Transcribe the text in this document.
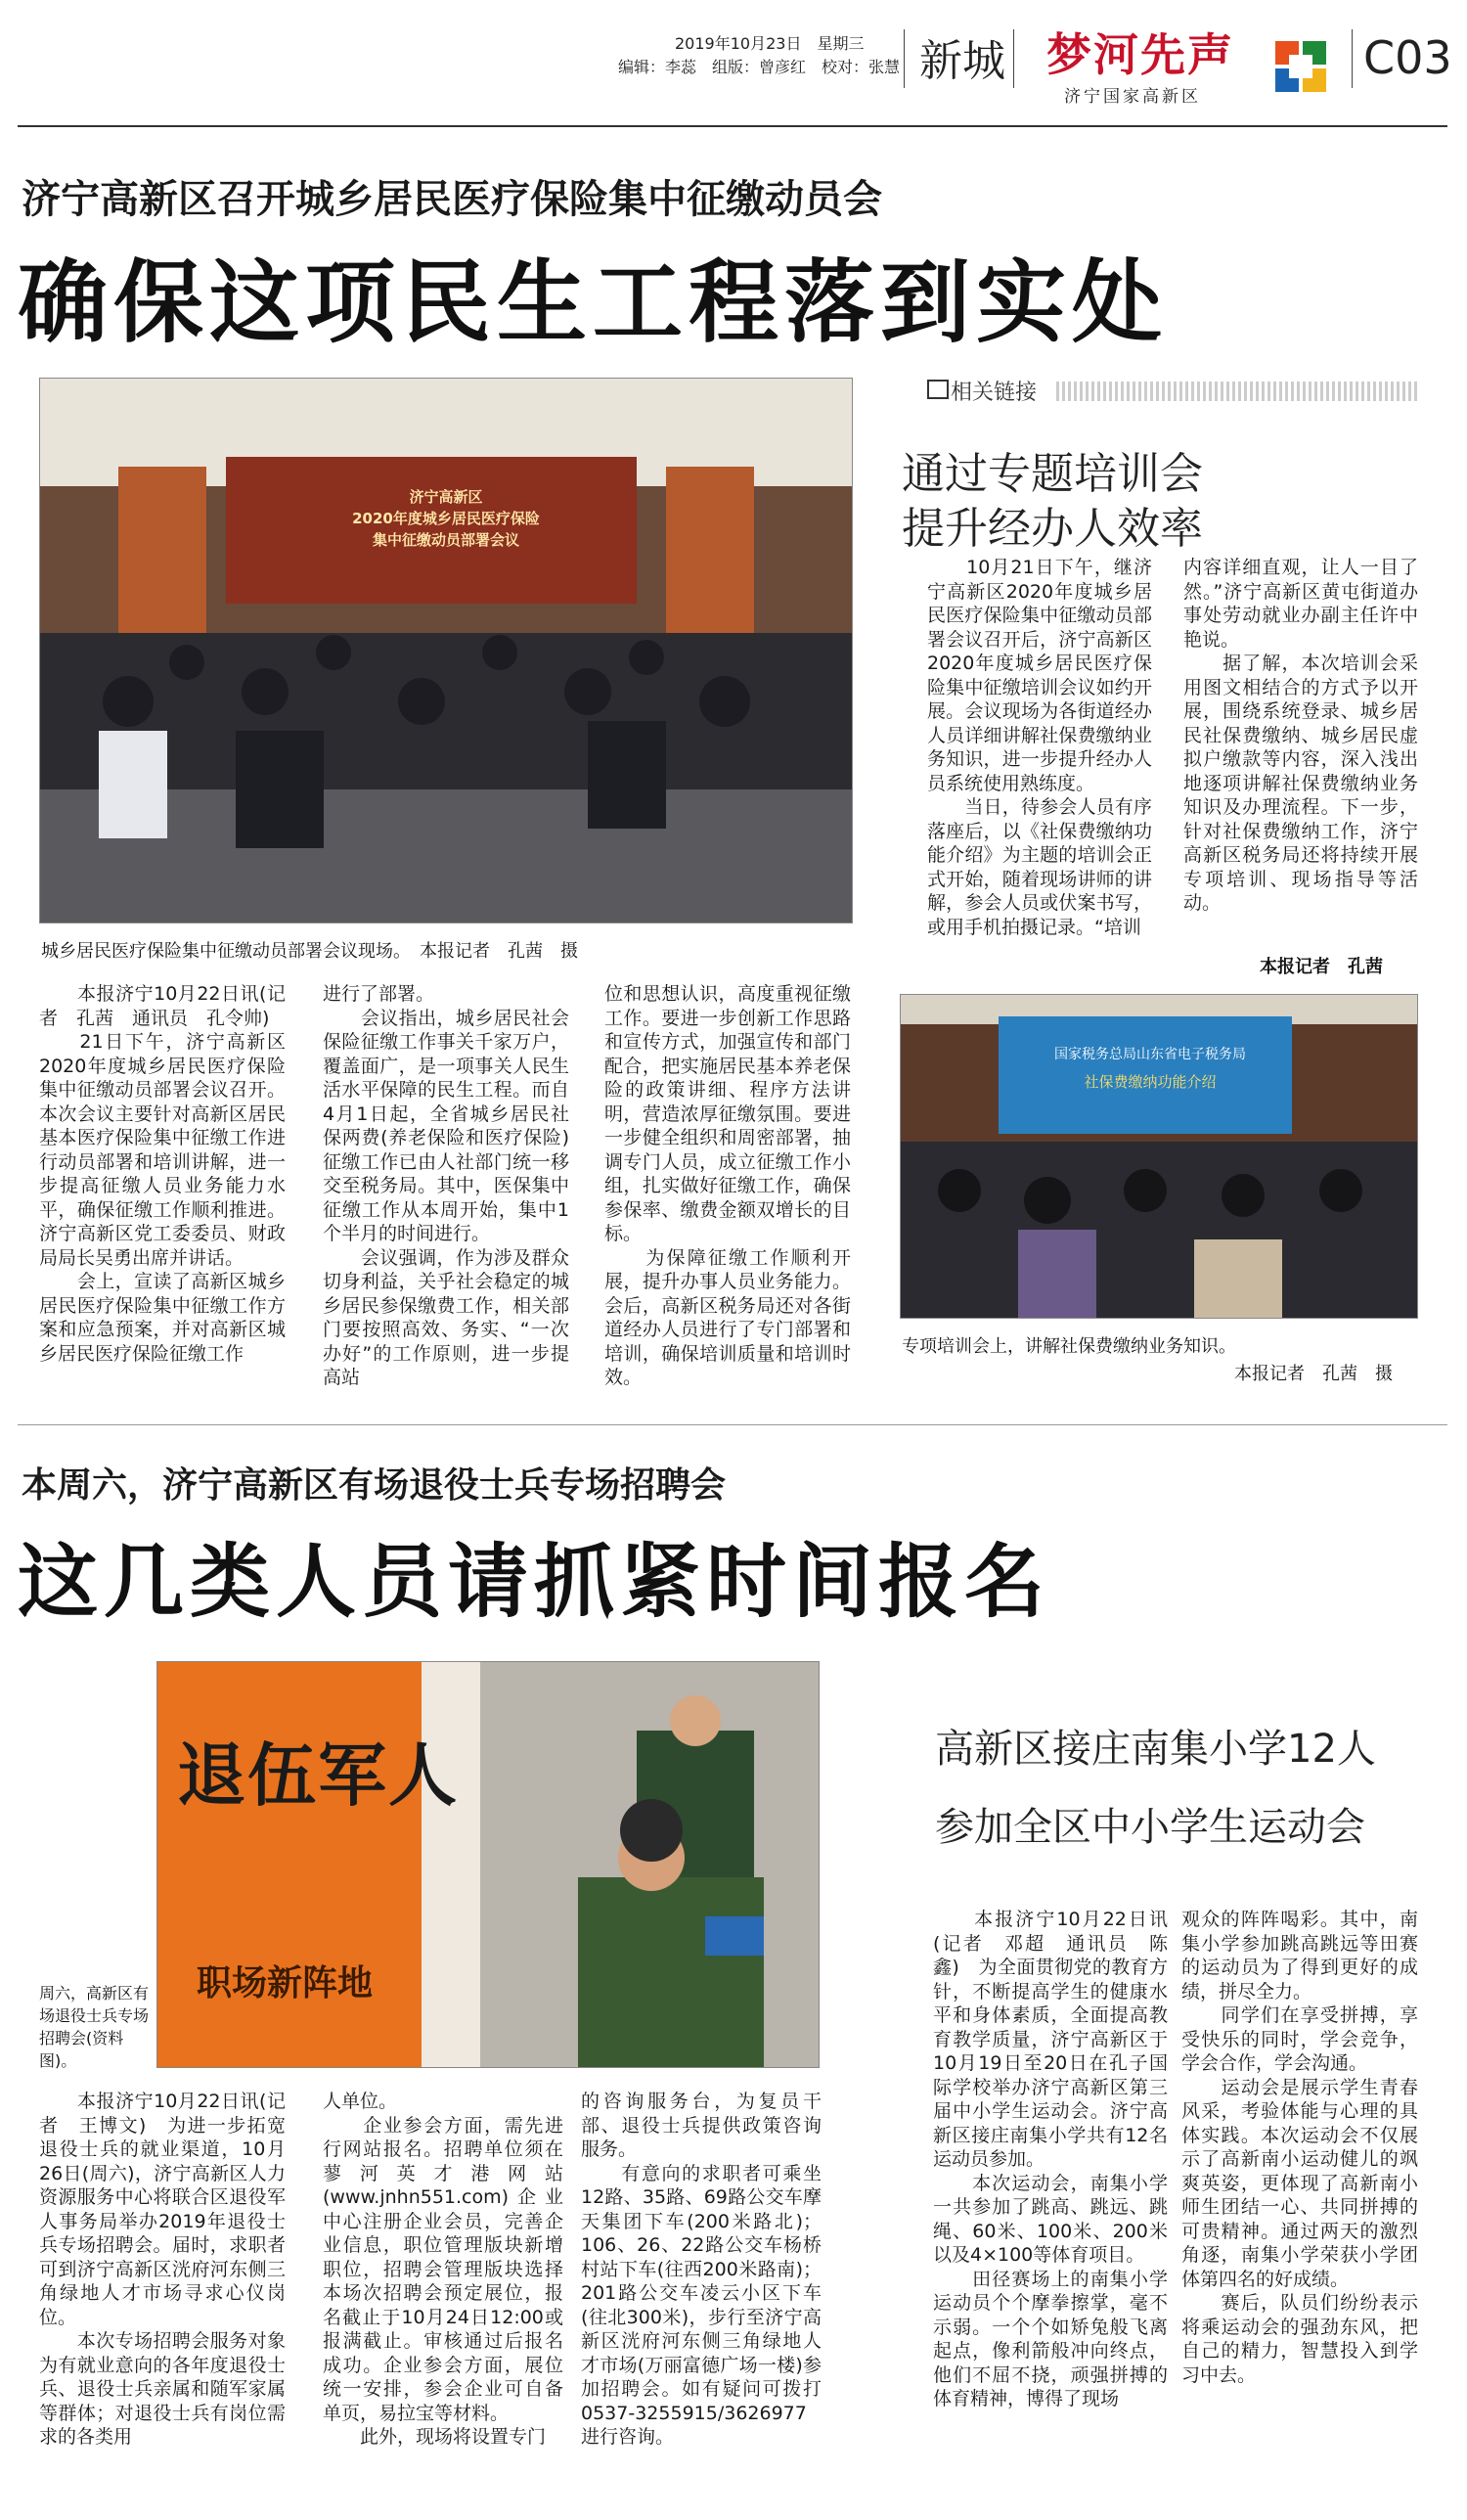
2019年10月23日　星期三
编辑：李蕊　组版：曾彦红　校对：张慧 新城 梦河先声
济宁国家高新区
C03
济宁高新区召开城乡居民医疗保险集中征缴动员会
确保这项民生工程落到实处
济宁高新区
2020年度城乡居民医疗保险
集中征缴动员部署会议
城乡居民医疗保险集中征缴动员部署会议现场。　本报记者　孔茜　摄
　　本报济宁10月22日讯(记者　孔茜　通讯员　孔令帅)
　　21日下午，济宁高新区2020年度城乡居民医疗保险集中征缴动员部署会议召开。本次会议主要针对高新区居民基本医疗保险集中征缴工作进行动员部署和培训讲解，进一步提高征缴人员业务能力水平，确保征缴工作顺利推进。济宁高新区党工委委员、财政局局长吴勇出席并讲话。
　　会上，宣读了高新区城乡居民医疗保险集中征缴工作方案和应急预案，并对高新区城乡居民医疗保险征缴工作
进行了部署。
　　会议指出，城乡居民社会保险征缴工作事关千家万户，覆盖面广，是一项事关人民生活水平保障的民生工程。而自4月1日起，全省城乡居民社保两费(养老保险和医疗保险)征缴工作已由人社部门统一移交至税务局。其中，医保集中征缴工作从本周开始，集中1个半月的时间进行。
　　会议强调，作为涉及群众切身利益，关乎社会稳定的城乡居民参保缴费工作，相关部门要按照高效、务实、“一次办好”的工作原则，进一步提高站
位和思想认识，高度重视征缴工作。要进一步创新工作思路和宣传方式，加强宣传和部门配合，把实施居民基本养老保险的政策讲细、程序方法讲明，营造浓厚征缴氛围。要进一步健全组织和周密部署，抽调专门人员，成立征缴工作小组，扎实做好征缴工作，确保参保率、缴费金额双增长的目标。
　　为保障征缴工作顺利开展，提升办事人员业务能力。会后，高新区税务局还对各街道经办人员进行了专门部署和培训，确保培训质量和培训时效。
相关链接
通过专题培训会
提升经办人效率
　　10月21日下午，继济宁高新区2020年度城乡居民医疗保险集中征缴动员部署会议召开后，济宁高新区2020年度城乡居民医疗保险集中征缴培训会议如约开展。会议现场为各街道经办人员详细讲解社保费缴纳业务知识，进一步提升经办人员系统使用熟练度。
　　当日，待参会人员有序落座后，以《社保费缴纳功能介绍》为主题的培训会正式开始，随着现场讲师的讲解，参会人员或伏案书写，或用手机拍摄记录。“培训
内容详细直观，让人一目了然。”济宁高新区黄屯街道办事处劳动就业办副主任许中艳说。
　　据了解，本次培训会采用图文相结合的方式予以开展，围绕系统登录、城乡居民社保费缴纳、城乡居民虚拟户缴款等内容，深入浅出地逐项讲解社保费缴纳业务知识及办理流程。下一步，针对社保费缴纳工作，济宁高新区税务局还将持续开展专项培训、现场指导等活动。
本报记者　孔茜
国家税务总局山东省电子税务局
社保费缴纳功能介绍
专项培训会上，讲解社保费缴纳业务知识。
本报记者　孔茜　摄
本周六，济宁高新区有场退役士兵专场招聘会
这几类人员请抓紧时间报名
退伍军人
职场新阵地
周六，高新区有场退役士兵专场招聘会(资料图)。
　　本报济宁10月22日讯(记者　王博文)　为进一步拓宽退役士兵的就业渠道，10月26日(周六)，济宁高新区人力资源服务中心将联合区退役军人事务局举办2019年退役士兵专场招聘会。届时，求职者可到济宁高新区洸府河东侧三角绿地人才市场寻求心仪岗位。
　　本次专场招聘会服务对象为有就业意向的各年度退役士兵、退役士兵亲属和随军家属等群体；对退役士兵有岗位需求的各类用
人单位。
　　企业参会方面，需先进行网站报名。招聘单位须在蓼河英才港网站(www.jnhn551.com)企业中心注册企业会员，完善企业信息，职位管理版块新增职位，招聘会管理版块选择本场次招聘会预定展位，报名截止于10月24日12:00或报满截止。审核通过后报名成功。企业参会方面，展位统一安排，参会企业可自备单页，易拉宝等材料。
　　此外，现场将设置专门
的咨询服务台，为复员干部、退役士兵提供政策咨询服务。
　　有意向的求职者可乘坐12路、35路、69路公交车摩天集团下车(200米路北)；106、26、22路公交车杨桥村站下车(往西200米路南)；201路公交车凌云小区下车(往北300米)，步行至济宁高新区洸府河东侧三角绿地人才市场(万丽富德广场一楼)参加招聘会。如有疑问可拨打0537-3255915/3626977进行咨询。
高新区接庄南集小学12人
参加全区中小学生运动会
　　本报济宁10月22日讯(记者　邓超　通讯员　陈鑫)　为全面贯彻党的教育方针，不断提高学生的健康水平和身体素质，全面提高教育教学质量，济宁高新区于10月19日至20日在孔子国际学校举办济宁高新区第三届中小学生运动会。济宁高新区接庄南集小学共有12名运动员参加。
　　本次运动会，南集小学一共参加了跳高、跳远、跳绳、60米、100米、200米以及4×100等体育项目。
　　田径赛场上的南集小学运动员个个摩拳擦掌，毫不示弱。一个个如矫兔般飞离起点，像利箭般冲向终点，他们不屈不挠，顽强拼搏的体育精神，博得了现场
观众的阵阵喝彩。其中，南集小学参加跳高跳远等田赛的运动员为了得到更好的成绩，拼尽全力。
　　同学们在享受拼搏，享受快乐的同时，学会竞争，学会合作，学会沟通。
　　运动会是展示学生青春风采，考验体能与心理的具体实践。本次运动会不仅展示了高新南小运动健儿的飒爽英姿，更体现了高新南小师生团结一心、共同拼搏的可贵精神。通过两天的激烈角逐，南集小学荣获小学团体第四名的好成绩。
　　赛后，队员们纷纷表示将乘运动会的强劲东风，把自己的精力，智慧投入到学习中去。
